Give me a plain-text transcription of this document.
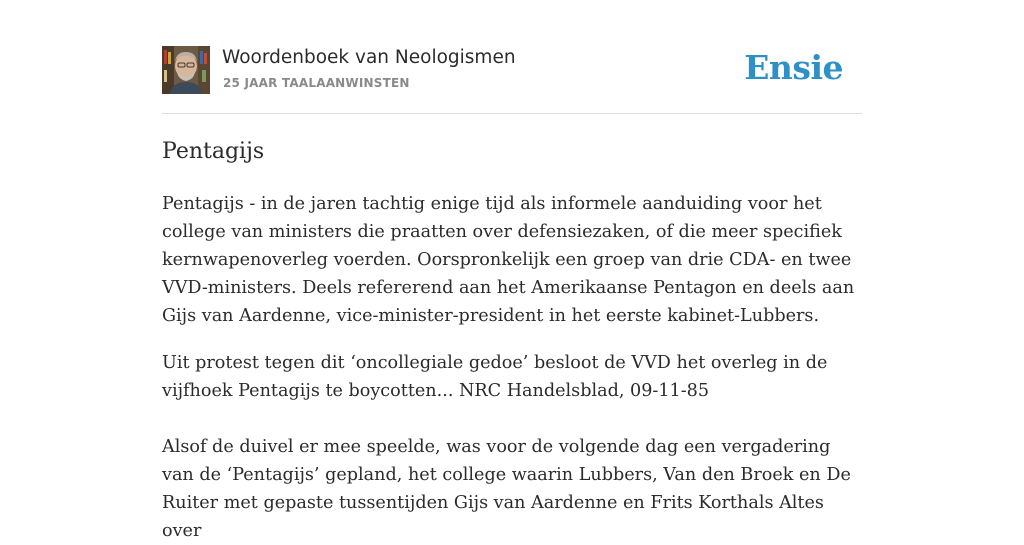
Woordenboek van Neologismen
25 JAAR TAALAANWINSTEN	Ensie
Pentagijs

Pentagijs - in de jaren tachtig enige tijd als informele aanduiding voor het college van ministers die praatten over defensiezaken, of die meer specifiek kernwapenoverleg voerden. Oorspronkelijk een groep van drie CDA- en twee VVD-ministers. Deels refererend aan het Amerikaanse Pentagon en deels aan Gijs van Aardenne, vice-minister-president in het eerste kabinet-Lubbers.

Uit protest tegen dit ‘oncollegiale gedoe’ besloot de VVD het overleg in de vijfhoek Pentagijs te boycotten... NRC Handelsblad, 09-11-85

Alsof de duivel er mee speelde, was voor de volgende dag een vergadering van de ‘Pentagijs’ gepland, het college waarin Lubbers, Van den Broek en De Ruiter met gepaste tussentijden Gijs van Aardenne en Frits Korthals Altes over
